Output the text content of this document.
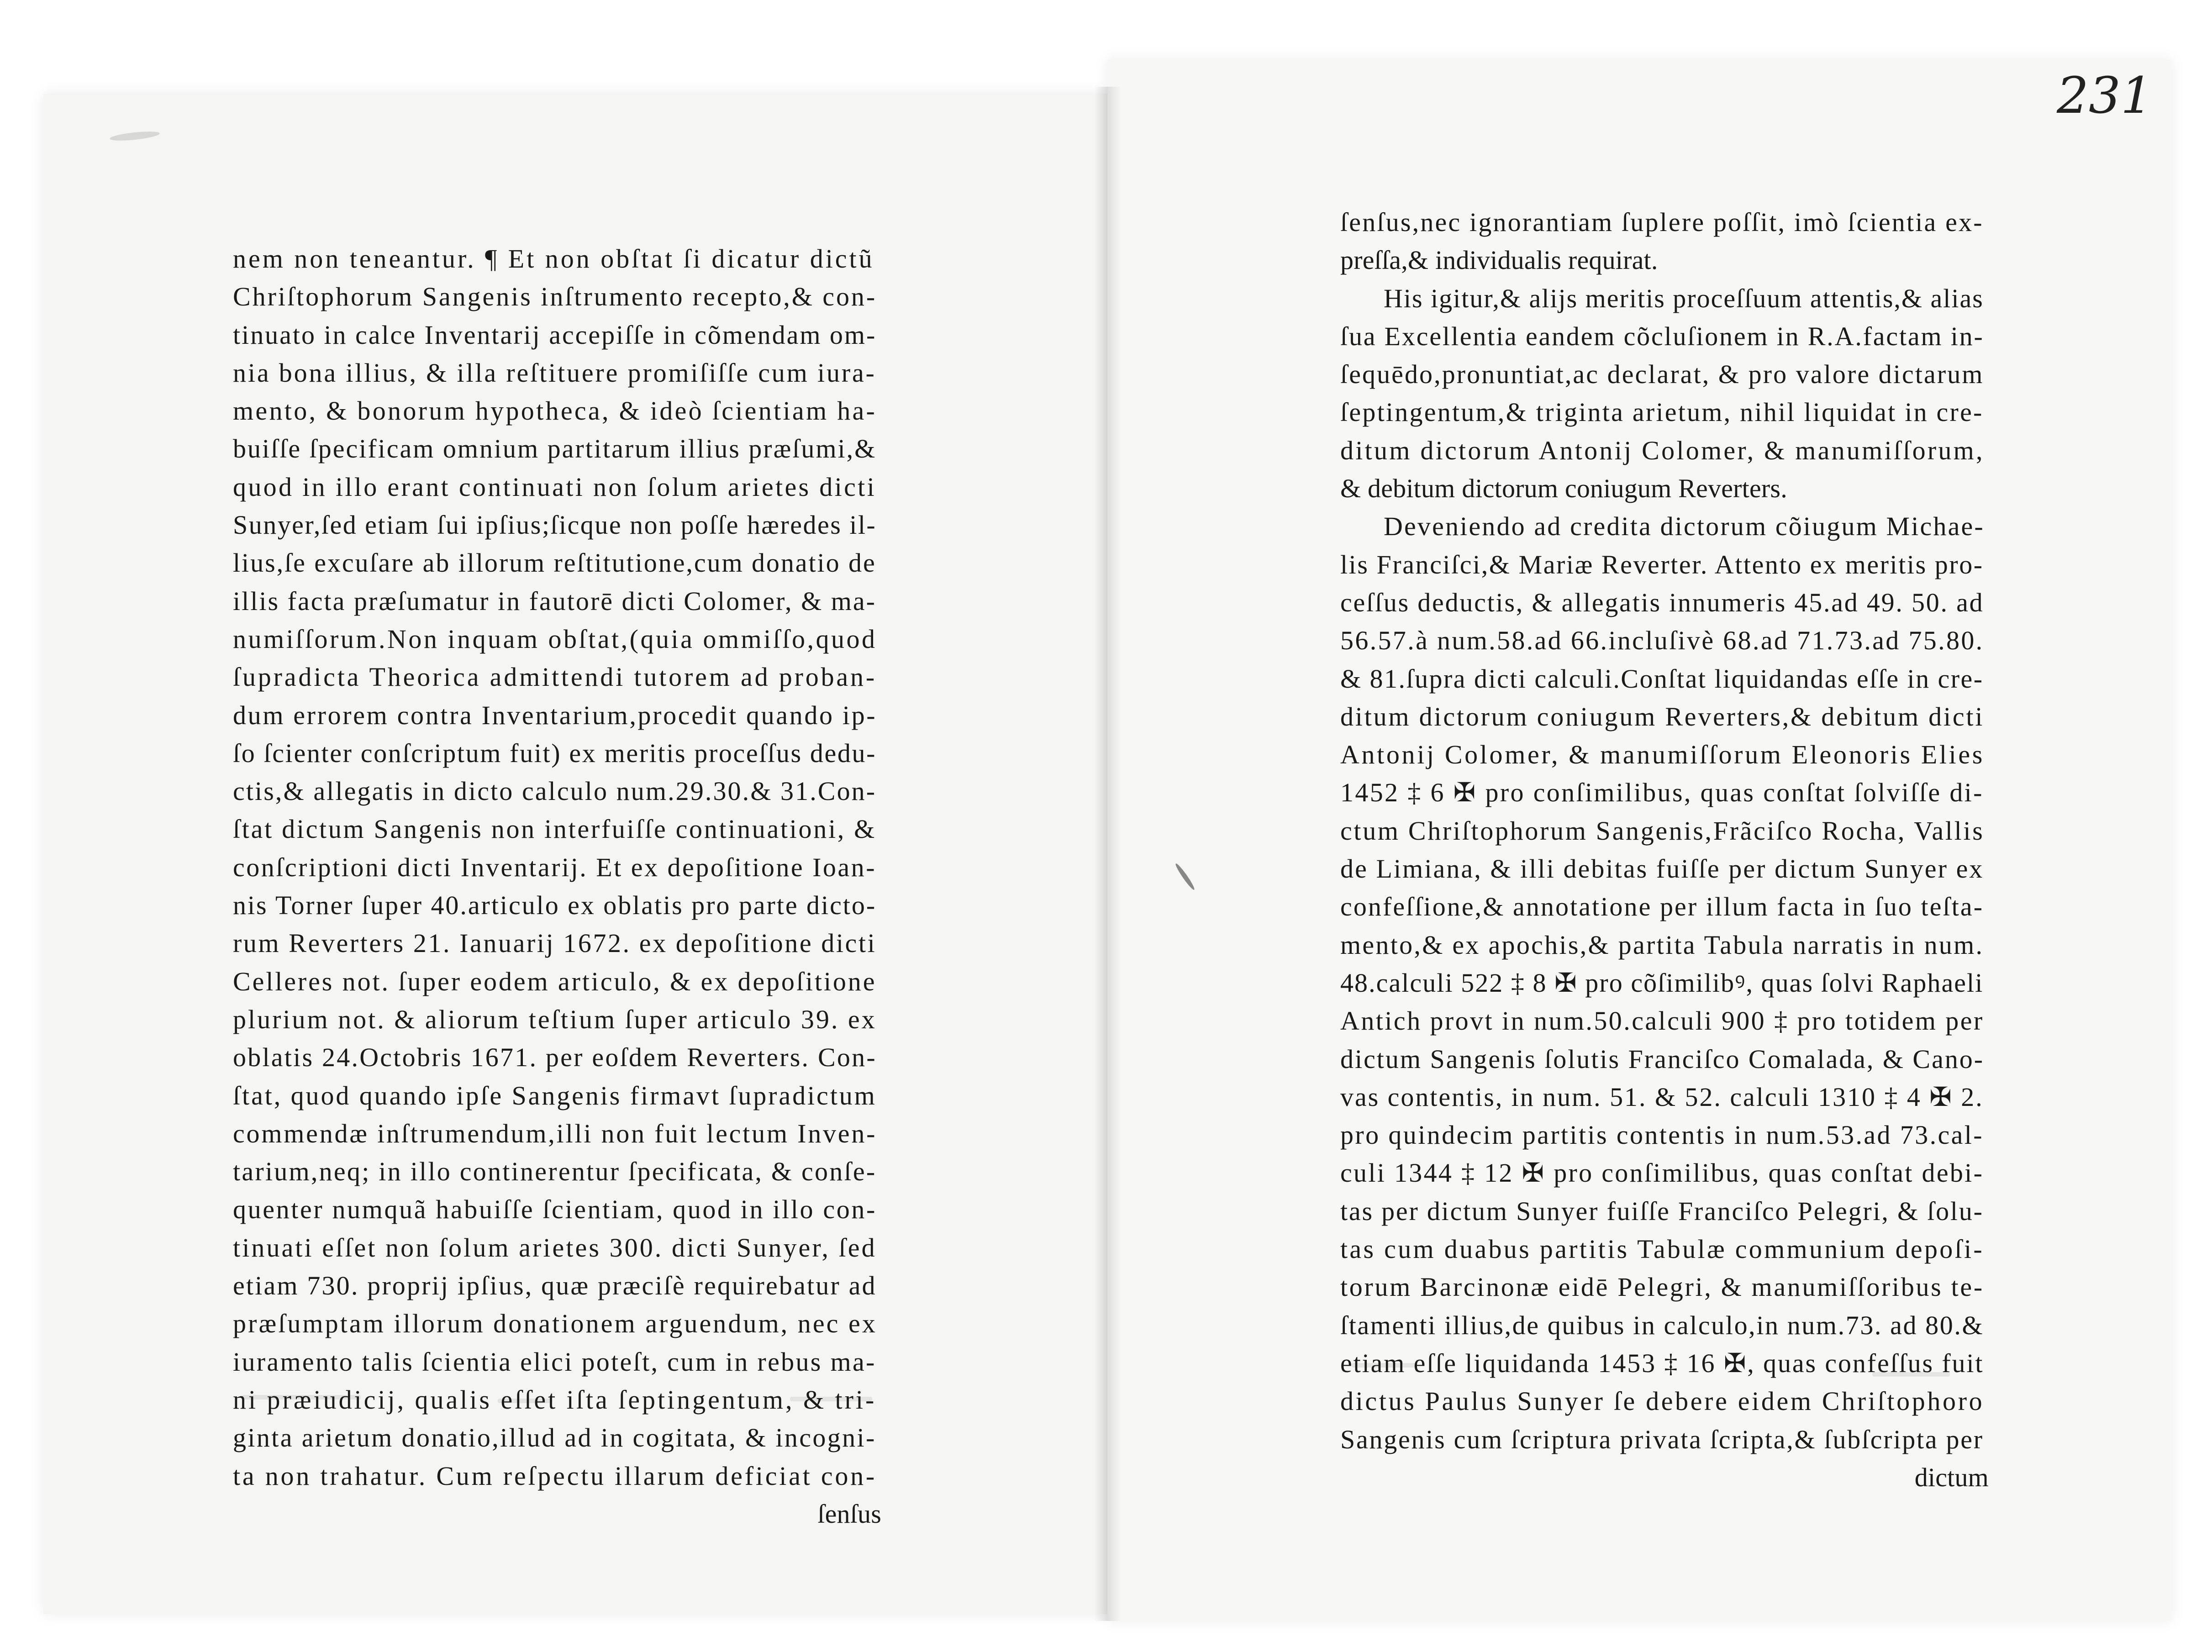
231
nem non teneantur. ¶ Et non obſtat ſi dicatur dictũ
Chriſtophorum Sangenis inſtrumento recepto,& con-
tinuato in calce Inventarij accepiſſe in cõmendam om-
nia bona illius, & illa reſtituere promiſiſſe cum iura-
mento, & bonorum hypotheca, & ideò ſcientiam ha-
buiſſe ſpecificam omnium partitarum illius præſumi,&
quod in illo erant continuati non ſolum arietes dicti
Sunyer,ſed etiam ſui ipſius;ſicque non poſſe hæredes il-
lius,ſe excuſare ab illorum reſtitutione,cum donatio de
illis facta præſumatur in fautorē dicti Colomer, & ma-
numiſſorum.Non inquam obſtat,(quia ommiſſo,quod
ſupradicta Theorica admittendi tutorem ad proban-
dum errorem contra Inventarium,procedit quando ip-
ſo ſcienter conſcriptum fuit) ex meritis proceſſus dedu-
ctis,& allegatis in dicto calculo num.29.30.& 31.Con-
ſtat dictum Sangenis non interfuiſſe continuationi, &
conſcriptioni dicti Inventarij. Et ex depoſitione Ioan-
nis Torner ſuper 40.articulo ex oblatis pro parte dicto-
rum Reverters 21. Ianuarij 1672. ex depoſitione dicti
Celleres not. ſuper eodem articulo, & ex depoſitione
plurium not. & aliorum teſtium ſuper articulo 39. ex
oblatis 24.Octobris 1671. per eoſdem Reverters. Con-
ſtat, quod quando ipſe Sangenis firmavt ſupradictum
commendæ inſtrumendum,illi non fuit lectum Inven-
tarium,neq; in illo continerentur ſpecificata, & conſe-
quenter numquã habuiſſe ſcientiam, quod in illo con-
tinuati eſſet non ſolum arietes 300. dicti Sunyer, ſed
etiam 730. proprij ipſius, quæ præciſè requirebatur ad
præſumptam illorum donationem arguendum, nec ex
iuramento talis ſcientia elici poteſt, cum in rebus ma-
ni præiudicij, qualis eſſet iſta ſeptingentum, & tri-
ginta arietum donatio,illud ad in cogitata, & incogni-
ta non trahatur. Cum reſpectu illarum deficiat con-
ſenſus
ſenſus,nec ignorantiam ſuplere poſſit, imò ſcientia ex-
preſſa,& individualis requirat.
His igitur,& alijs meritis proceſſuum attentis,& alias
ſua Excellentia eandem cõcluſionem in R.A.factam in-
ſequēdo,pronuntiat,ac declarat, & pro valore dictarum
ſeptingentum,& triginta arietum, nihil liquidat in cre-
ditum dictorum Antonij Colomer, & manumiſſorum,
& debitum dictorum coniugum Reverters.
Deveniendo ad credita dictorum cõiugum Michae-
lis Franciſci,& Mariæ Reverter. Attento ex meritis pro-
ceſſus deductis, & allegatis innumeris 45.ad 49. 50. ad
56.57.à num.58.ad 66.incluſivè 68.ad 71.73.ad 75.80.
& 81.ſupra dicti calculi.Conſtat liquidandas eſſe in cre-
ditum dictorum coniugum Reverters,& debitum dicti
Antonij Colomer, & manumiſſorum Eleonoris Elies
1452 ‡ 6 ✠ pro conſimilibus, quas conſtat ſolviſſe di-
ctum Chriſtophorum Sangenis,Frãciſco Rocha, Vallis
de Limiana, & illi debitas fuiſſe per dictum Sunyer ex
confeſſione,& annotatione per illum facta in ſuo teſta-
mento,& ex apochis,& partita Tabula narratis in num.
48.calculi 522 ‡ 8 ✠ pro cõſimilibꝰ, quas ſolvi Raphaeli
Antich provt in num.50.calculi 900 ‡ pro totidem per
dictum Sangenis ſolutis Franciſco Comalada, & Cano-
vas contentis, in num. 51. & 52. calculi 1310 ‡ 4 ✠ 2.
pro quindecim partitis contentis in num.53.ad 73.cal-
culi 1344 ‡ 12 ✠ pro conſimilibus, quas conſtat debi-
tas per dictum Sunyer fuiſſe Franciſco Pelegri, & ſolu-
tas cum duabus partitis Tabulæ communium depoſi-
torum Barcinonæ eidē Pelegri, & manumiſſoribus te-
ſtamenti illius,de quibus in calculo,in num.73. ad 80.&
etiam eſſe liquidanda 1453 ‡ 16 ✠, quas confeſſus fuit
dictus Paulus Sunyer ſe debere eidem Chriſtophoro
Sangenis cum ſcriptura privata ſcripta,& ſubſcripta per
dictum
